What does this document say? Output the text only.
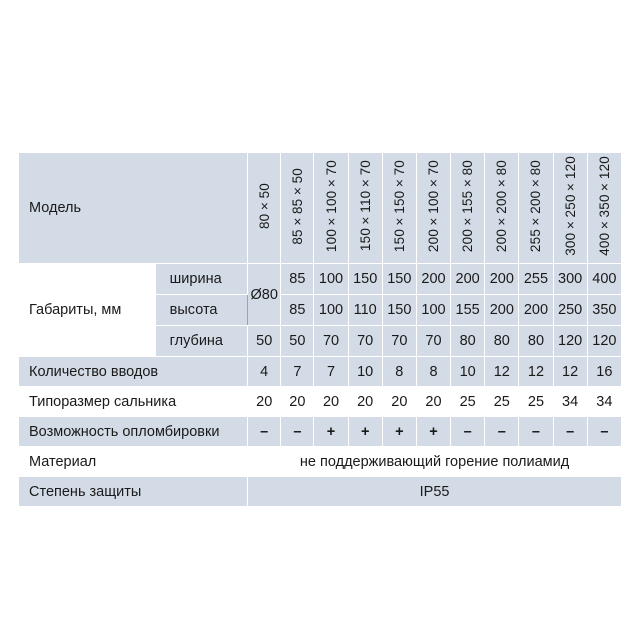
Модель		80×50	85×85×50	100×100×70	150×110×70	150×150×70	200×100×70	200×155×80	200×200×80	255×200×80	300×250×120	400×350×120
Габариты, мм	ширина	Ø80	85	100	150	150	200	200	200	255	300	400
	высота		85	100	110	150	100	155	200	200	250	350
	глубина	50	50	70	70	70	70	80	80	80	120	120
Количество вводов		4	7	7	10	8	8	10	12	12	12	16
Типоразмер сальника		20	20	20	20	20	20	25	25	25	34	34
Возможность опломбировки		–	–	+	+	+	+	–	–	–	–	–
Материал		не поддерживающий горение полиамид										
Степень защиты		IP55										
